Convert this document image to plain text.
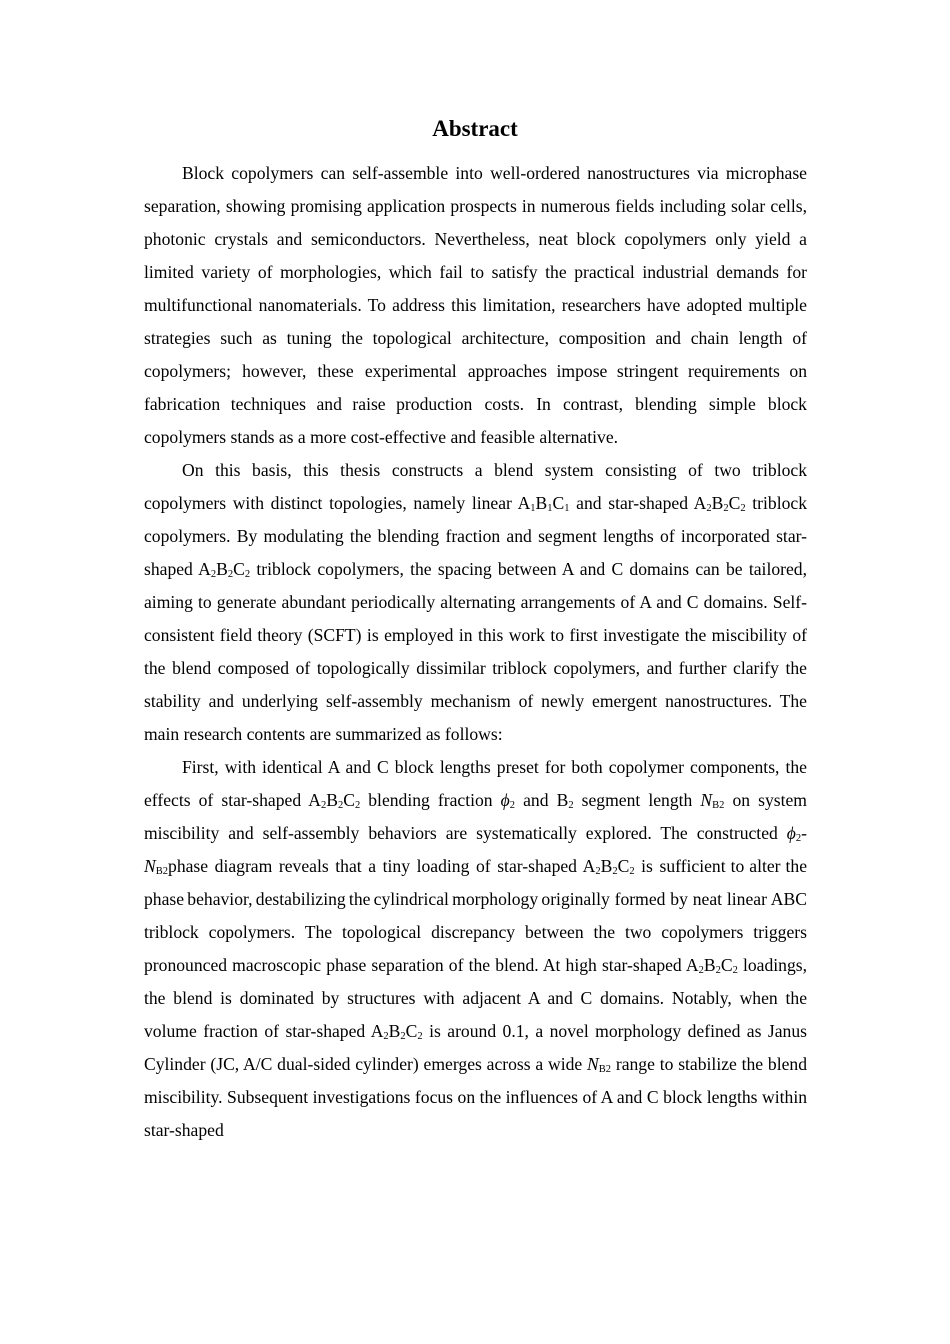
Abstract

Block copolymers can self-assemble into well-ordered nanostructures via microphase separation, showing promising application prospects in numerous fields including solar cells, photonic crystals and semiconductors. Nevertheless, neat block copolymers only yield a limited variety of morphologies, which fail to satisfy the practical industrial demands for multifunctional nanomaterials. To address this limitation, researchers have adopted multiple strategies such as tuning the topological architecture, composition and chain length of copolymers; however, these experimental approaches impose stringent requirements on fabrication techniques and raise production costs. In contrast, blending simple block copolymers stands as a more cost-effective and feasible alternative.

On this basis, this thesis constructs a blend system consisting of two triblock copolymers with distinct topologies, namely linear $A_1B_1C_1$ and star-shaped $A_2B_2C_2$ triblock copolymers. By modulating the blending fraction and segment lengths of incorporated star-shaped $A_2B_2C_2$ triblock copolymers, the spacing between A and C domains can be tailored, aiming to generate abundant periodically alternating arrangements of A and C domains. Self-consistent field theory (SCFT) is employed in this work to first investigate the miscibility of the blend composed of topologically dissimilar triblock copolymers, and further clarify the stability and underlying self-assembly mechanism of newly emergent nanostructures. The main research contents are summarized as follows:

First, with identical A and C block lengths preset for both copolymer components, the effects of star-shaped $A_2B_2C_2$ blending fraction $\phi_2$ and $B_2$ segment length $N_{B2}$ on system miscibility and self-assembly behaviors are systematically explored. The constructed $\phi_2-$ $N_{B2}phase$ diagram reveals that a tiny loading of star-shaped $A_2B_2C_2$ is sufficient to alter the phase behavior, destabilizing the cylindrical morphology originally formed by neat linear ABC triblock copolymers. The topological discrepancy between the two copolymers triggers pronounced macroscopic phase separation of the blend. At high star-shaped $A_2B_2C_2$ loadings, the blend is dominated by structures with adjacent A and C domains. Notably, when the volume fraction of star-shaped $A_2B_2C_2$ is around 0.1, a novel morphology defined as Janus Cylinder (JC, A/C dual-sided cylinder) emerges across a wide $N_{B2}$ range to stabilize the blend miscibility. Subsequent investigations focus on the influences of A and C block lengths within star-shaped
